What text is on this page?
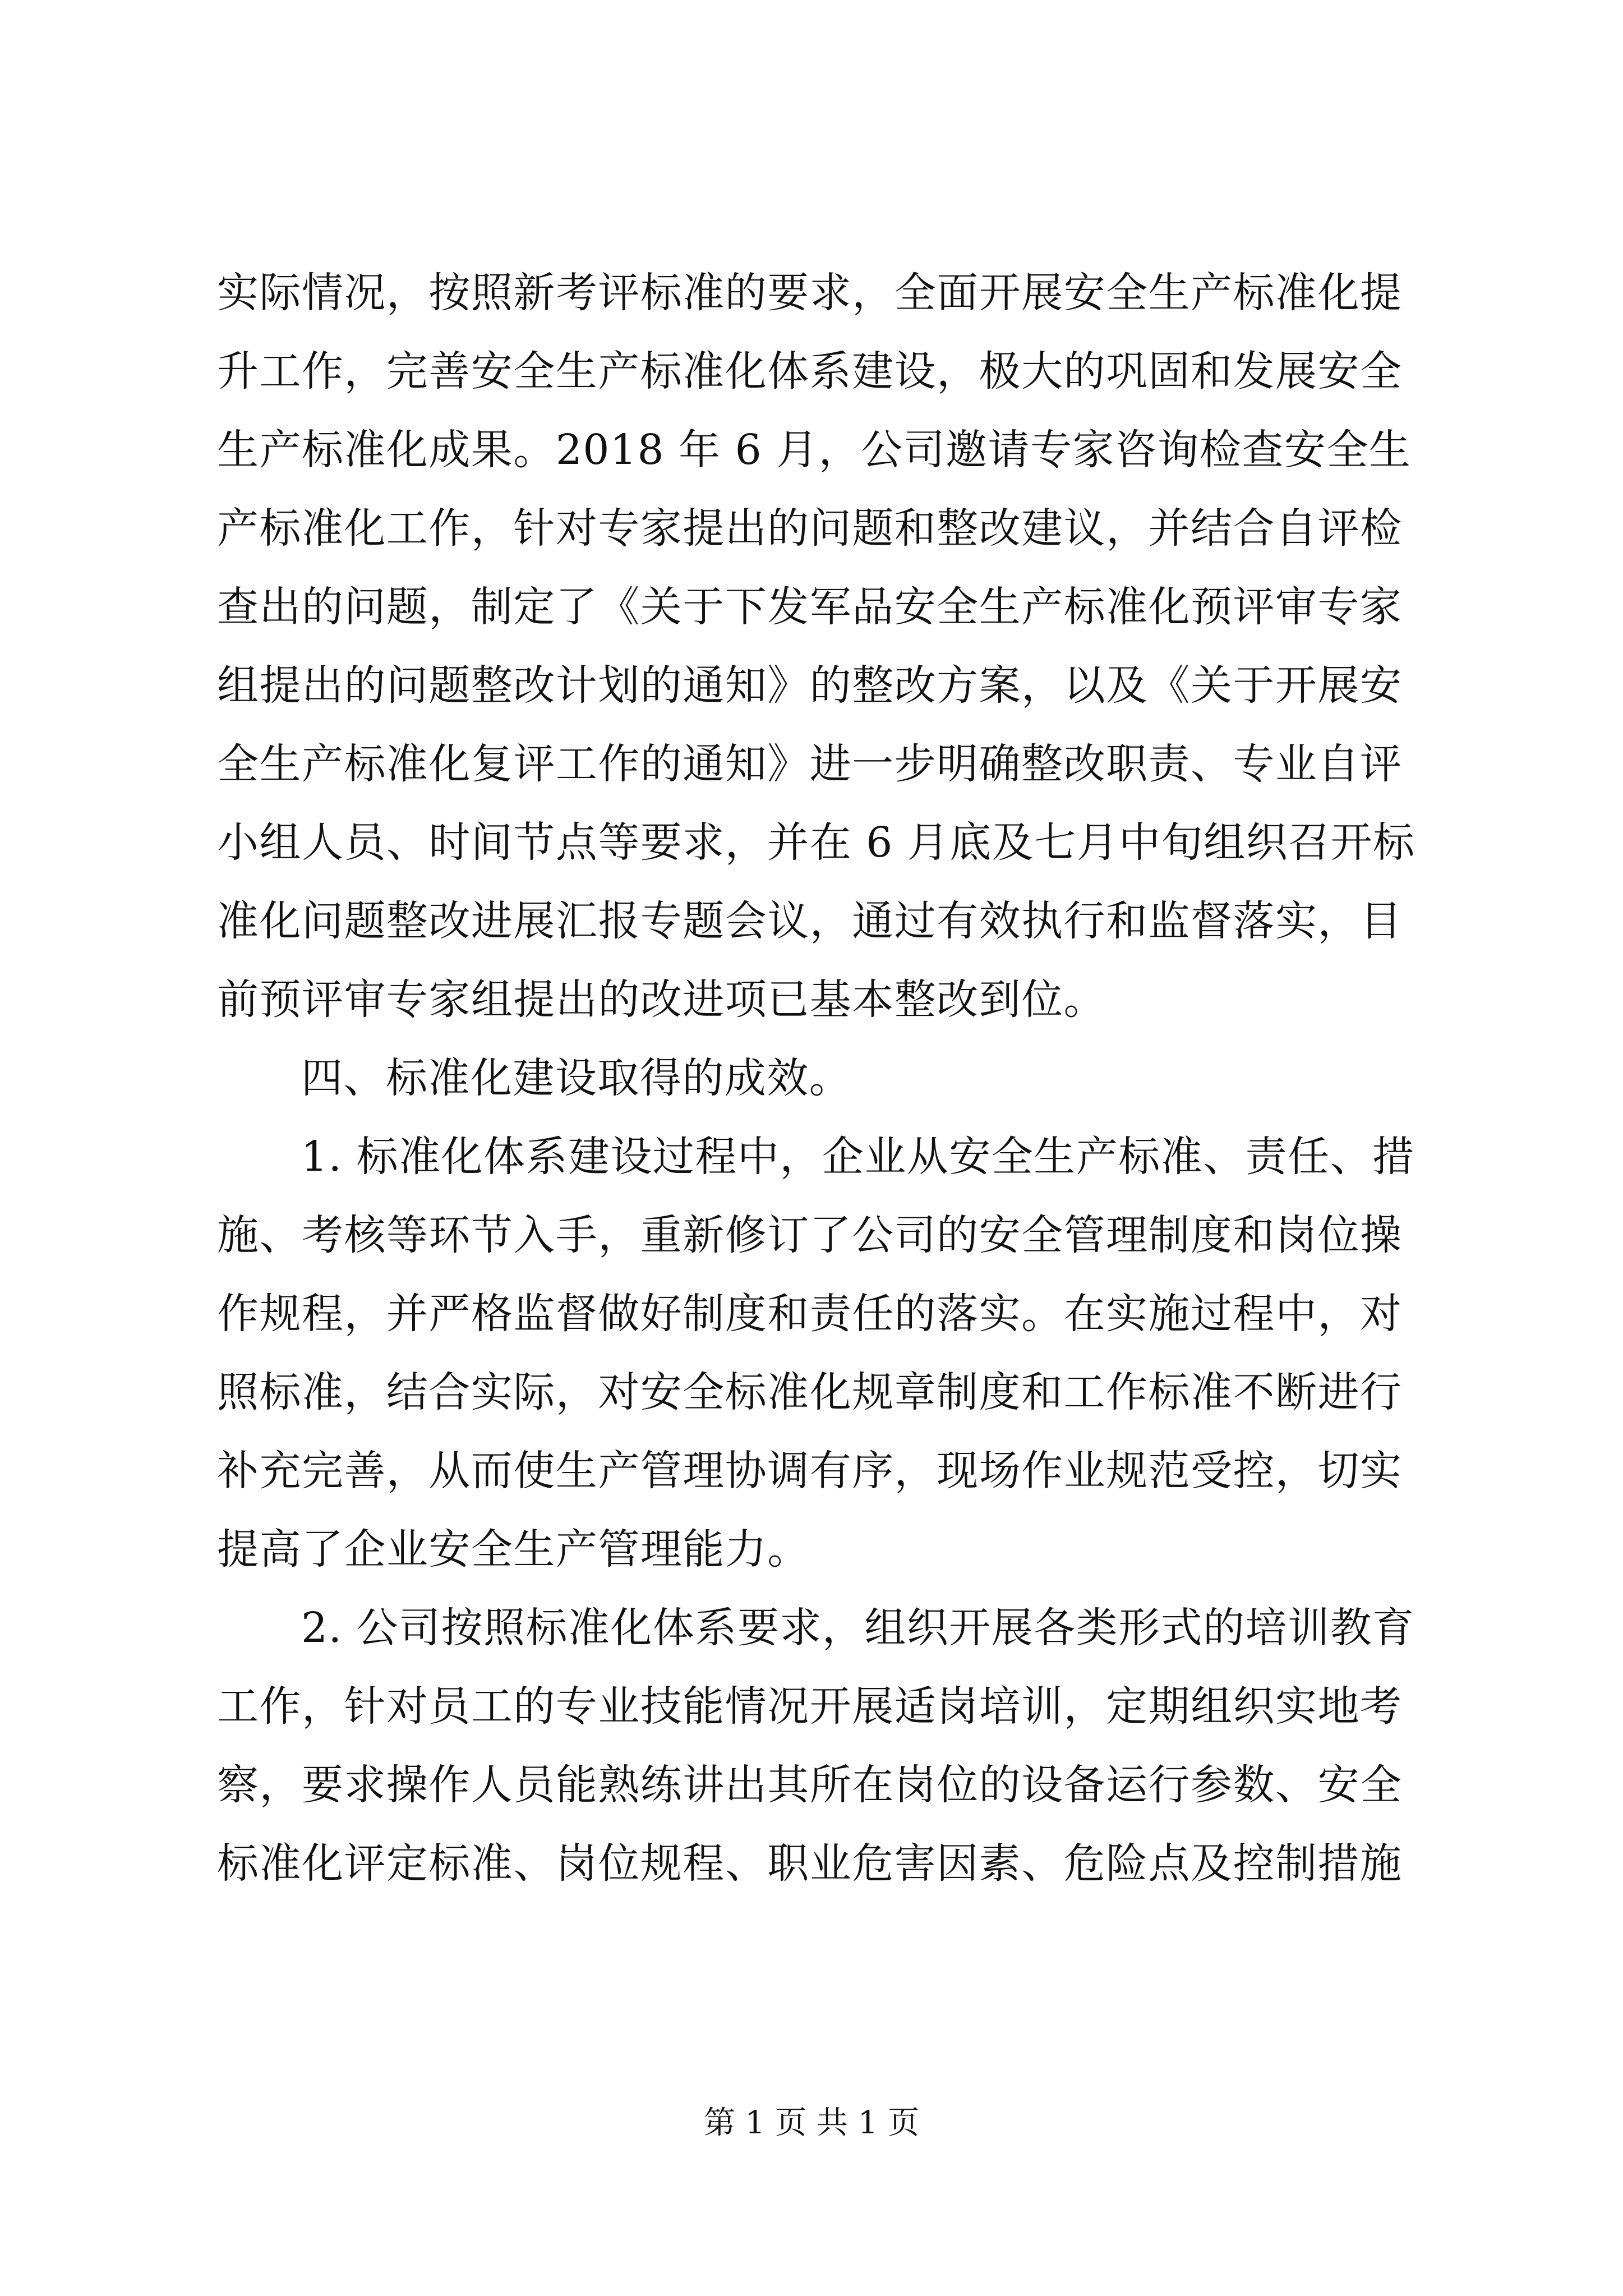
实际情况，按照新考评标准的要求，全面开展安全生产标准化提
升工作，完善安全生产标准化体系建设，极大的巩固和发展安全
生产标准化成果。2018 年 6 月，公司邀请专家咨询检查安全生
产标准化工作，针对专家提出的问题和整改建议，并结合自评检
查出的问题，制定了《关于下发军品安全生产标准化预评审专家
组提出的问题整改计划的通知》的整改方案，以及《关于开展安
全生产标准化复评工作的通知》进一步明确整改职责、专业自评
小组人员、时间节点等要求，并在 6 月底及七月中旬组织召开标
准化问题整改进展汇报专题会议，通过有效执行和监督落实，目
前预评审专家组提出的改进项已基本整改到位。
四、标准化建设取得的成效。
1. 标准化体系建设过程中，企业从安全生产标准、责任、措
施、考核等环节入手，重新修订了公司的安全管理制度和岗位操
作规程，并严格监督做好制度和责任的落实。在实施过程中，对
照标准，结合实际，对安全标准化规章制度和工作标准不断进行
补充完善，从而使生产管理协调有序，现场作业规范受控，切实
提高了企业安全生产管理能力。
2. 公司按照标准化体系要求，组织开展各类形式的培训教育
工作，针对员工的专业技能情况开展适岗培训，定期组织实地考
察，要求操作人员能熟练讲出其所在岗位的设备运行参数、安全
标准化评定标准、岗位规程、职业危害因素、危险点及控制措施
第 1 页 共 1 页
